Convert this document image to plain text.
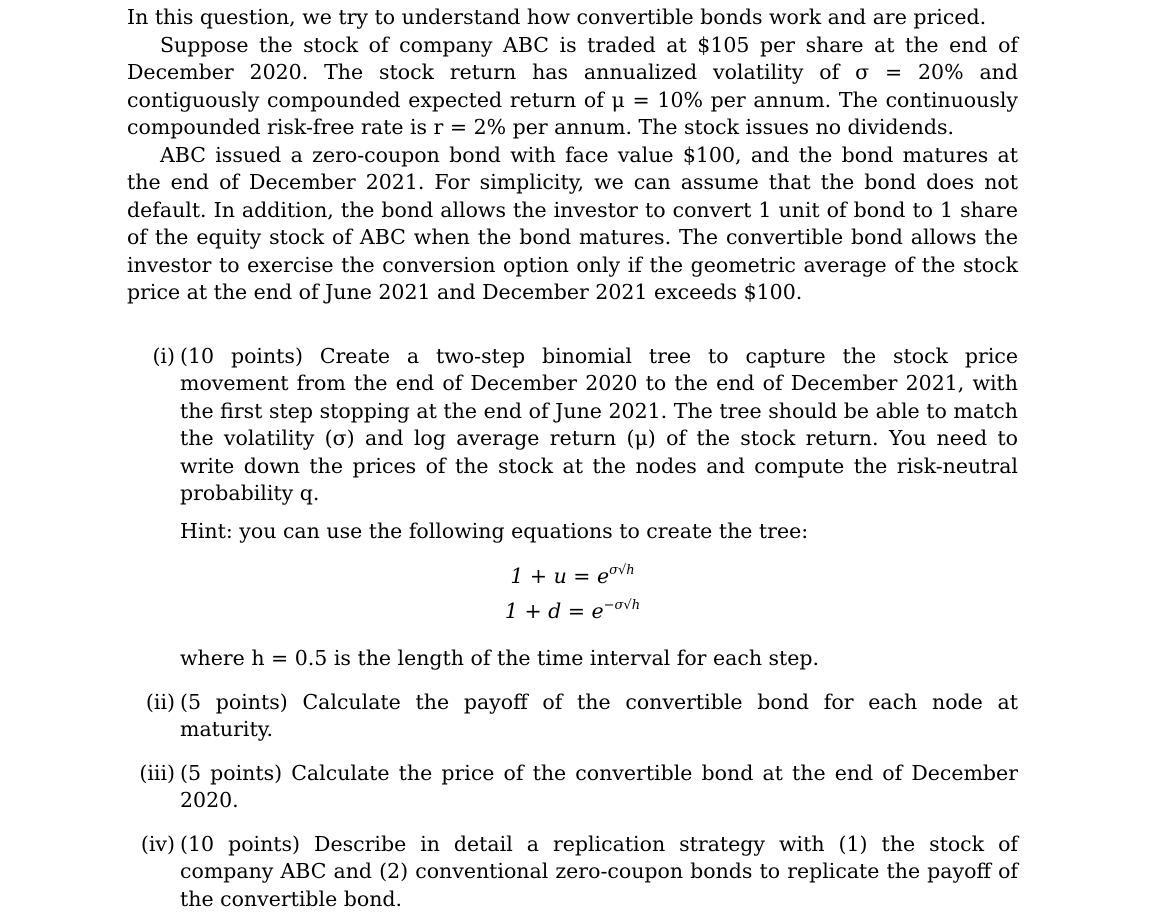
In this question, we try to understand how convertible bonds work and are priced.

Suppose the stock of company ABC is traded at $105 per share at the end of December 2020. The stock return has annualized volatility of σ = 20% and contiguously compounded expected return of μ = 10% per annum. The continuously compounded risk-free rate is r = 2% per annum. The stock issues no dividends.

ABC issued a zero-coupon bond with face value $100, and the bond matures at the end of December 2021. For simplicity, we can assume that the bond does not default. In addition, the bond allows the investor to convert 1 unit of bond to 1 share of the equity stock of ABC when the bond matures. The convertible bond allows the investor to exercise the conversion option only if the geometric average of the stock price at the end of June 2021 and December 2021 exceeds $100.

(i) (10 points) Create a two-step binomial tree to capture the stock price movement from the end of December 2020 to the end of December 2021, with the first step stopping at the end of June 2021. The tree should be able to match the volatility (σ) and log average return (μ) of the stock return. You need to write down the prices of the stock at the nodes and compute the risk-neutral probability q.

Hint: you can use the following equations to create the tree:

$1 + u = e^{\sigma√h}$
$1 + d = e^{-\sigma√h}$

where h = 0.5 is the length of the time interval for each step.

(ii) (5 points) Calculate the payoff of the convertible bond for each node at maturity.
(iii) (5 points) Calculate the price of the convertible bond at the end of December 2020.
(iv) (10 points) Describe in detail a replication strategy with (1) the stock of company ABC and (2) conventional zero-coupon bonds to replicate the payoff of the convertible bond.
